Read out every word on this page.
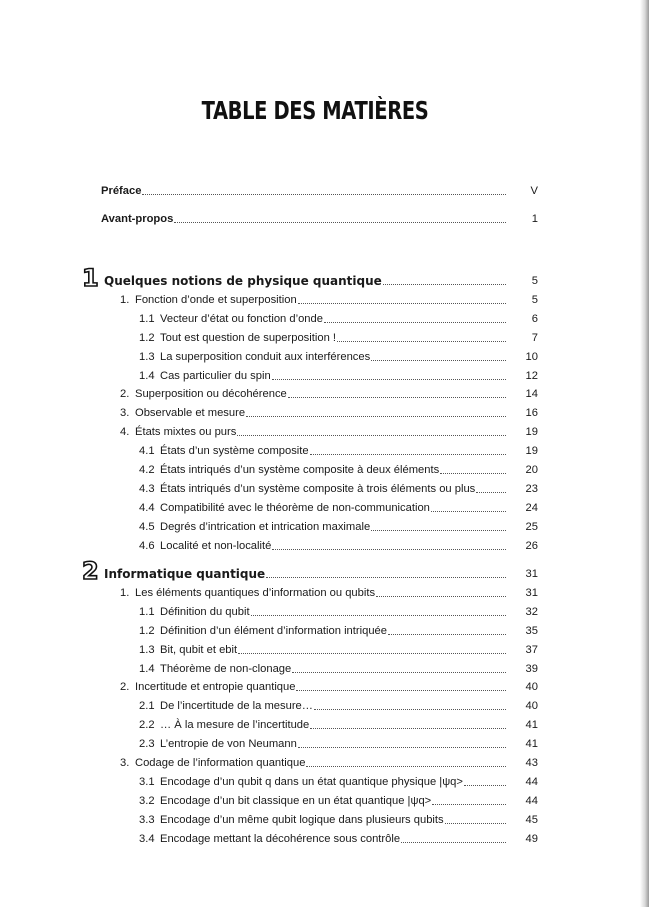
TABLE DES MATIÈRES
Préface	V
Avant-propos	1
1 Quelques notions de physique quantique	5
1. Fonction d’onde et superposition	5
1.1 Vecteur d’état ou fonction d’onde	6
1.2 Tout est question de superposition !	7
1.3 La superposition conduit aux interférences	10
1.4 Cas particulier du spin	12
2. Superposition ou décohérence	14
3. Observable et mesure	16
4. États mixtes ou purs	19
4.1 États d’un système composite	19
4.2 États intriqués d’un système composite à deux éléments	20
4.3 États intriqués d’un système composite à trois éléments ou plus	23
4.4 Compatibilité avec le théorème de non-communication	24
4.5 Degrés d’intrication et intrication maximale	25
4.6 Localité et non-localité	26
2 Informatique quantique	31
1. Les éléments quantiques d’information ou qubits	31
1.1 Définition du qubit	32
1.2 Définition d’un élément d’information intriquée	35
1.3 Bit, qubit et ebit	37
1.4 Théorème de non-clonage	39
2. Incertitude et entropie quantique	40
2.1 De l’incertitude de la mesure…	40
2.2 … À la mesure de l’incertitude	41
2.3 L’entropie de von Neumann	41
3. Codage de l’information quantique	43
3.1 Encodage d’un qubit q dans un état quantique physique |ψq>	44
3.2 Encodage d’un bit classique en un état quantique |ψq>	44
3.3 Encodage d’un même qubit logique dans plusieurs qubits	45
3.4 Encodage mettant la décohérence sous contrôle	49
